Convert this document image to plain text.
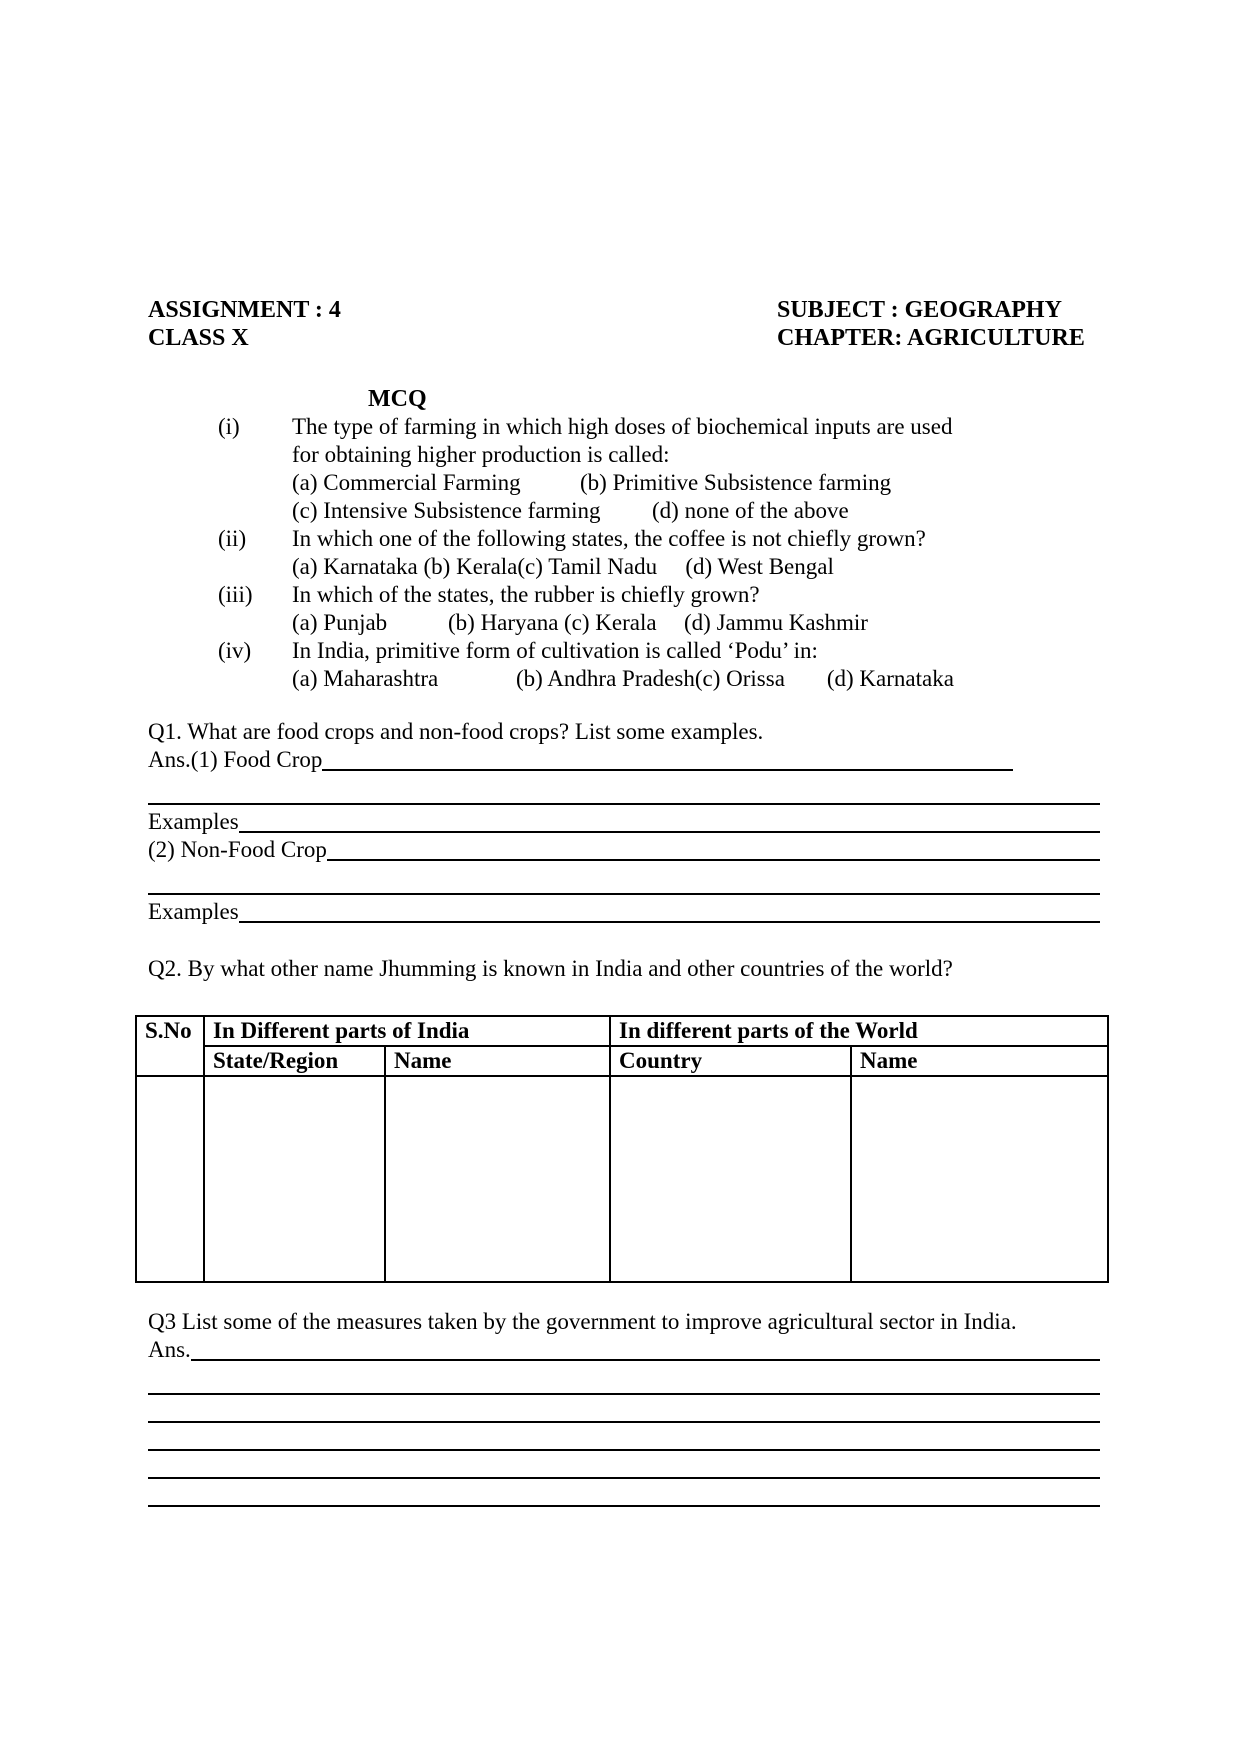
ASSIGNMENT : 4
CLASS X
SUBJECT : GEOGRAPHY
CHAPTER: AGRICULTURE
MCQ
(i)	The type of farming in which high doses of biochemical inputs are used
for obtaining higher production is called:
(a) Commercial Farming	(b) Primitive Subsistence farming
(c) Intensive Subsistence farming	(d) none of the above
(ii)	In which one of the following states, the coffee is not chiefly grown?
(a) Karnataka (b) Kerala (c) Tamil Nadu	(d) West Bengal
(iii)	In which of the states, the rubber is chiefly grown?
(a) Punjab	(b) Haryana (c) Kerala	(d) Jammu Kashmir
(iv)	In India, primitive form of cultivation is called ‘Podu’ in:
(a) Maharashtra	(b) Andhra Pradesh (c) Orissa	(d) Karnataka
Q1. What are food crops and non-food crops? List some examples.
Ans.(1) Food Crop
Examples
(2) Non-Food Crop
Examples
Q2. By what other name Jhumming is known in India and other countries of the world?
S.No	In Different parts of India		In different parts of the World	
	State/Region	Name	Country	Name

Q3 List some of the measures taken by the government to improve agricultural sector in India.
Ans.
